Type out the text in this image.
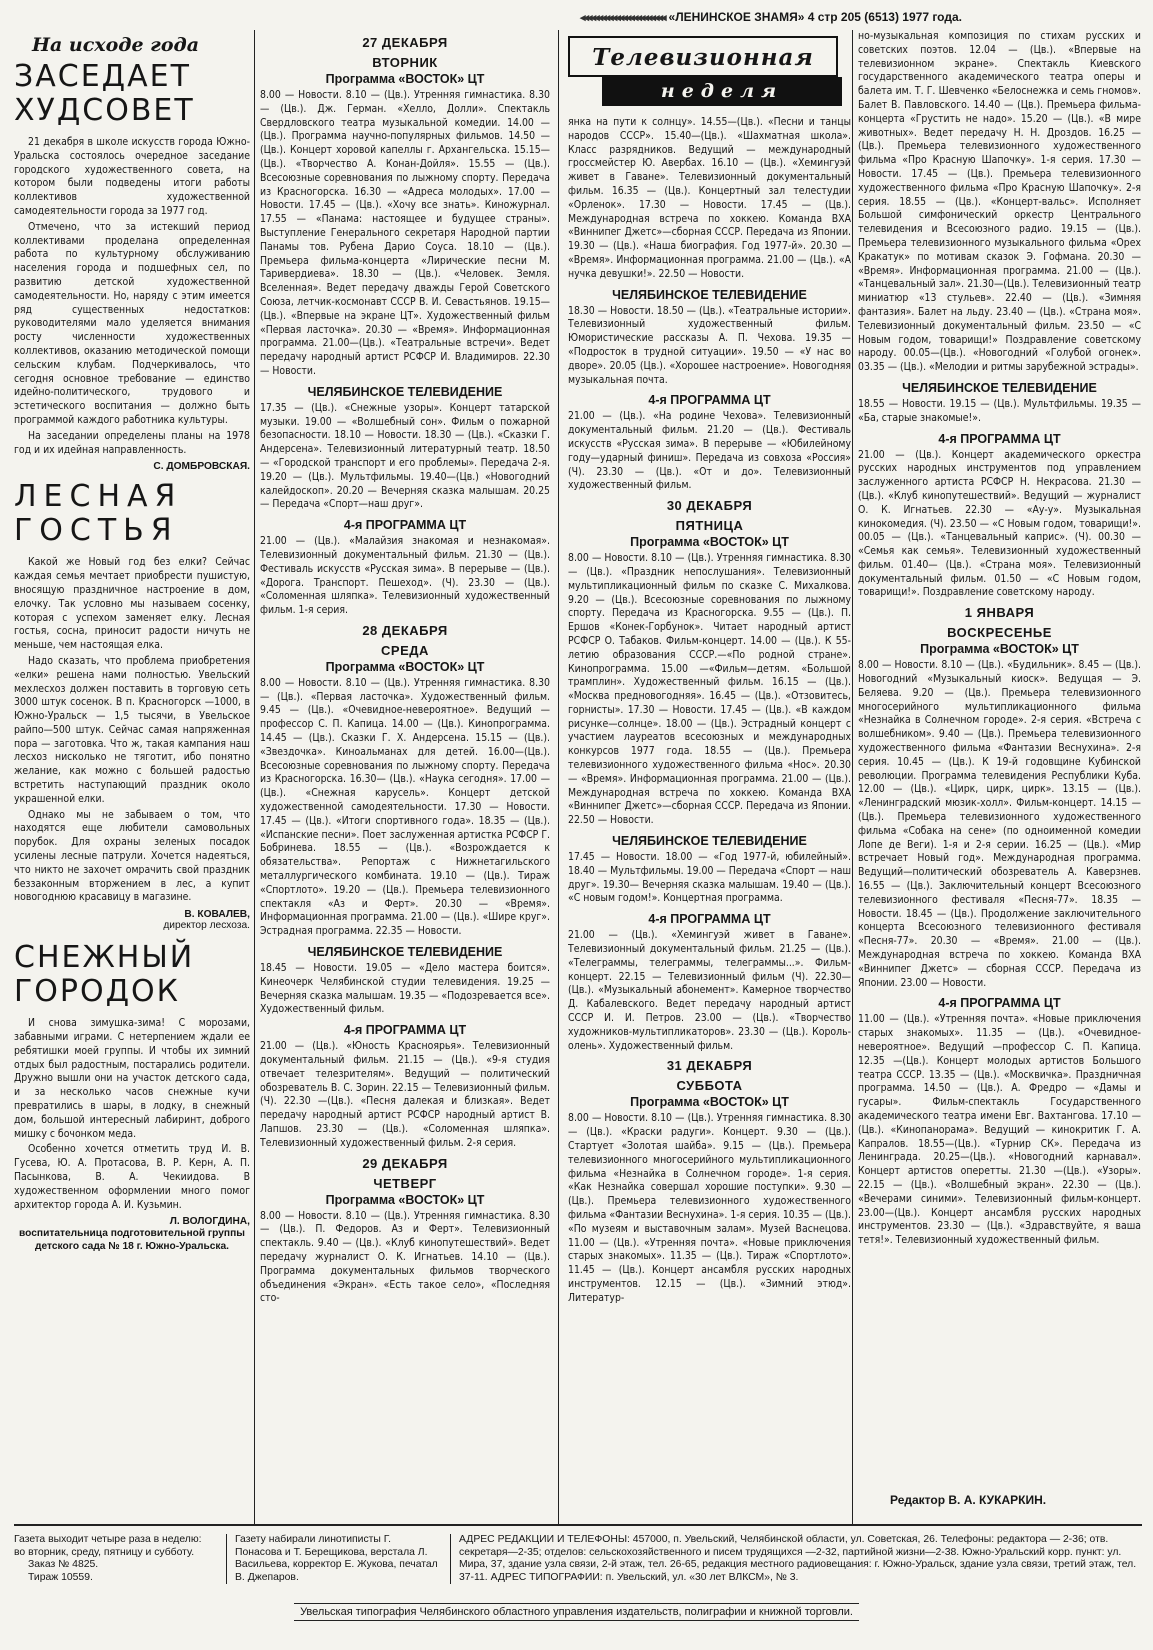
◂◂◂◂◂◂◂◂◂◂◂◂◂◂◂◂◂◂◂◂◂◂◂◂ «ЛЕНИНСКОЕ ЗНАМЯ» 4 стр 205 (6513) 1977 года.
На исходе года
ЗАСЕДАЕТ ХУДСОВЕТ

21 декабря в школе искусств города Южно-Уральска состоялось очередное заседание городского художественного совета, на котором были подведены итоги работы коллективов художественной самодеятельности города за 1977 год.

Отмечено, что за истекший период коллективами проделана определенная работа по культурному обслуживанию населения города и подшефных сел, по развитию детской художественной самодеятельности. Но, наряду с этим имеется ряд существенных недостатков: руководителями мало уделяется внимания росту численности художественных коллективов, оказанию методической помощи сельским клубам. Подчеркивалось, что сегодня основное требование — единство идейно-политического, трудового и эстетического воспитания — должно быть программой каждого работника культуры.

На заседании определены планы на 1978 год и их идейная направленность.

С. ДОМБРОВСКАЯ.
ЛЕСНАЯ ГОСТЬЯ

Какой же Новый год без елки? Сейчас каждая семья мечтает приобрести пушистую, вносящую праздничное настроение в дом, елочку. Так условно мы называем сосенку, которая с успехом заменяет елку. Лесная гостья, сосна, приносит радости ничуть не меньше, чем настоящая елка.

Надо сказать, что проблема приобретения «елки» решена нами полностью. Увельский мехлесхоз должен поставить в торговую сеть 3000 штук сосенок. В п. Красногорск —1000, в Южно-Уральск — 1,5 тысячи, в Увельское райпо—500 штук. Сейчас самая напряженная пора — заготовка. Что ж, такая кампания наш лесхоз нисколько не тяготит, ибо понятно желание, как можно с большей радостью встретить наступающий праздник около украшенной елки.

Однако мы не забываем о том, что находятся еще любители самовольных порубок. Для охраны зеленых посадок усилены лесные патрули. Хочется надеяться, что никто не захочет омрачить свой праздник беззаконным вторжением в лес, а купит новогоднюю красавицу в магазине.

В. КОВАЛЕВ,
директор лесхоза.
СНЕЖНЫЙ ГОРОДОК

И снова зимушка-зима! С морозами, забавными играми. С нетерпением ждали ее ребятишки моей группы. И чтобы их зимний отдых был радостным, постарались родители. Дружно вышли они на участок детского сада, и за несколько часов снежные кучи превратились в шары, в лодку, в снежный дом, большой интересный лабиринт, доброго мишку с бочонком меда.

Особенно хочется отметить труд И. В. Гусева, Ю. А. Протасова, В. Р. Керн, А. П. Пасынкова, В. А. Чекиидова. В художественном оформлении много помог архитектор города А. И. Кузьмин.

Л. ВОЛОГДИНА,
воспитательница подготовительной группы детского сада № 18 г. Южно-Уральска.
27 ДЕКАБРЯ
ВТОРНИК
Программа «ВОСТОК» ЦТ
8.00 — Новости. 8.10 — (Цв.). Утренняя гимнастика. 8.30 — (Цв.). Дж. Герман. «Хелло, Долли». Спектакль Свердловского театра музыкальной комедии. 14.00 — (Цв.). Программа научно-популярных фильмов. 14.50 — (Цв.). Концерт хоровой капеллы г. Архангельска. 15.15—(Цв.). «Творчество А. Конан-Дойля». 15.55 — (Цв.). Всесоюзные соревнования по лыжному спорту. Передача из Красногорска. 16.30 — «Адреса молодых». 17.00 — Новости. 17.45 — (Цв.). «Хочу все знать». Киножурнал. 17.55 — «Панама: настоящее и будущее страны». Выступление Генерального секретаря Народной партии Панамы тов. Рубена Дарио Соуса. 18.10 — (Цв.). Премьера фильма-концерта «Лирические песни М. Таривердиева». 18.30 — (Цв.). «Человек. Земля. Вселенная». Ведет передачу дважды Герой Советского Союза, летчик-космонавт СССР В. И. Севастьянов. 19.15—(Цв.). «Впервые на экране ЦТ». Художественный фильм «Первая ласточка». 20.30 — «Время». Информационная программа. 21.00—(Цв.). «Театральные встречи». Ведет передачу народный артист РСФСР И. Владимиров. 22.30 — Новости.
ЧЕЛЯБИНСКОЕ ТЕЛЕВИДЕНИЕ
17.35 — (Цв.). «Снежные узоры». Концерт татарской музыки. 19.00 — «Волшебный сон». Фильм о пожарной безопасности. 18.10 — Новости. 18.30 — (Цв.). «Сказки Г. Андерсена». Телевизионный литературный театр. 18.50 — «Городской транспорт и его проблемы». Передача 2-я. 19.20 — (Цв.). Мультфильмы. 19.40—(Цв.) «Новогодний калейдоскоп». 20.20 — Вечерняя сказка малышам. 20.25 — Передача «Спорт—наш друг».
4-я ПРОГРАММА ЦТ
21.00 — (Цв.). «Малайзия знакомая и незнакомая». Телевизионный документальный фильм. 21.30 — (Цв.). Фестиваль искусств «Русская зима». В перерыве — (Цв.). «Дорога. Транспорт. Пешеход». (Ч). 23.30 — (Цв.). «Соломенная шляпка». Телевизионный художественный фильм. 1-я серия.
28 ДЕКАБРЯ
СРЕДА
Программа «ВОСТОК» ЦТ
8.00 — Новости. 8.10 — (Цв.). Утренняя гимнастика. 8.30 — (Цв.). «Первая ласточка». Художественный фильм. 9.45 — (Цв.). «Очевидное-невероятное». Ведущий — профессор С. П. Капица. 14.00 — (Цв.). Кинопрограмма. 14.45 — (Цв.). Сказки Г. Х. Андерсена. 15.15 — (Цв.). «Звездочка». Киноальманах для детей. 16.00—(Цв.). Всесоюзные соревнования по лыжному спорту. Передача из Красногорска. 16.30— (Цв.). «Наука сегодня». 17.00 — (Цв.). «Снежная карусель». Концерт детской художественной самодеятельности. 17.30 — Новости. 17.45 — (Цв.). «Итоги спортивного года». 18.35 — (Цв.). «Испанские песни». Поет заслуженная артистка РСФСР Г. Бобринева. 18.55 — (Цв.). «Возрождается к обязательства». Репортаж с Нижнетагильского металлургического комбината. 19.10 — (Цв.). Тираж «Спортлото». 19.20 — (Цв.). Премьера телевизионного спектакля «Аз и Ферт». 20.30 — «Время». Информационная программа. 21.00 — (Цв.). «Шире круг». Эстрадная программа. 22.35 — Новости.
ЧЕЛЯБИНСКОЕ ТЕЛЕВИДЕНИЕ
18.45 — Новости. 19.05 — «Дело мастера боится». Кинеочерк Челябинской студии телевидения. 19.25 — Вечерняя сказка малышам. 19.35 — «Подозревается все». Художественный фильм.
4-я ПРОГРАММА ЦТ
21.00 — (Цв.). «Юность Красноярья». Телевизионный документальный фильм. 21.15 — (Цв.). «9-я студия отвечает телезрителям». Ведущий — политический обозреватель В. С. Зорин. 22.15 — Телевизионный фильм. (Ч). 22.30 —(Цв.). «Песня далекая и близкая». Ведет передачу народный артист РСФСР народный артист В. Лапшов. 23.30 — (Цв.). «Соломенная шляпка». Телевизионный художественный фильм. 2-я серия.
29 ДЕКАБРЯ
ЧЕТВЕРГ
Программа «ВОСТОК» ЦТ
8.00 — Новости. 8.10 — (Цв.). Утренняя гимнастика. 8.30 — (Цв.). П. Федоров. Аз и Ферт». Телевизионный спектакль. 9.40 — (Цв.). «Клуб кинопутешествий». Ведет передачу журналист О. К. Игнатьев. 14.10 — (Цв.). Программа документальных фильмов творческого объединения «Экран». «Есть такое село», «Последняя сто-
Телевизионная
неделя
янка на пути к солнцу». 14.55—(Цв.). «Песни и танцы народов СССР». 15.40—(Цв.). «Шахматная школа». Класс разрядников. Ведущий — международный гроссмейстер Ю. Авербах. 16.10 — (Цв.). «Хемингуэй живет в Гаване». Телевизионный документальный фильм. 16.35 — (Цв.). Концертный зал телестудии «Орленок». 17.30 — Новости. 17.45 — (Цв.). Международная встреча по хоккею. Команда ВХА «Виннипег Джетс»—сборная СССР. Передача из Японии. 19.30 — (Цв.). «Наша биография. Год 1977-й». 20.30 — «Время». Информационная программа. 21.00 — (Цв.). «А нучка девушки!». 22.50 — Новости.
ЧЕЛЯБИНСКОЕ ТЕЛЕВИДЕНИЕ
18.30 — Новости. 18.50 — (Цв.). «Театральные истории». Телевизионный художественный фильм. Юмористические рассказы А. П. Чехова. 19.35 — «Подросток в трудной ситуации». 19.50 — «У нас во дворе». 20.05 (Цв.). «Хорошее настроение». Новогодняя музыкальная почта.
4-я ПРОГРАММА ЦТ
21.00 — (Цв.). «На родине Чехова». Телевизионный документальный фильм. 21.20 — (Цв.). Фестиваль искусств «Русская зима». В перерыве — «Юбилейному году—ударный финиш». Передача из совхоза «Россия» (Ч). 23.30 — (Цв.). «От и до». Телевизионный художественный фильм.
30 ДЕКАБРЯ
ПЯТНИЦА
Программа «ВОСТОК» ЦТ
8.00 — Новости. 8.10 — (Цв.). Утренняя гимнастика. 8.30 — (Цв.). «Праздник непослушания». Телевизионный мультипликационный фильм по сказке С. Михалкова. 9.20 — (Цв.). Всесоюзные соревнования по лыжному спорту. Передача из Красногорска. 9.55 — (Цв.). П. Ершов «Конек-Горбунок». Читает народный артист РСФСР О. Табаков. Фильм-концерт. 14.00 — (Цв.). К 55-летию образования СССР.—«По родной стране». Кинопрограмма. 15.00 —«Фильм—детям. «Большой трамплин». Художественный фильм. 16.15 — (Цв.). «Москва предновогодняя». 16.45 — (Цв.). «Отзовитесь, горнисты». 17.30 — Новости. 17.45 — (Цв.). «В каждом рисунке—солнце». 18.00 — (Цв.). Эстрадный концерт с участием лауреатов всесоюзных и международных конкурсов 1977 года. 18.55 — (Цв.). Премьера телевизионного художественного фильма «Нос». 20.30 — «Время». Информационная программа. 21.00 — (Цв.). Международная встреча по хоккею. Команда ВХА «Виннипег Джетс»—сборная СССР. Передача из Японии. 22.50 — Новости.
ЧЕЛЯБИНСКОЕ ТЕЛЕВИДЕНИЕ
17.45 — Новости. 18.00 — «Год 1977-й, юбилейный». 18.40 — Мультфильмы. 19.00 — Передача «Спорт — наш друг». 19.30— Вечерняя сказка малышам. 19.40 — (Цв.). «С новым годом!». Концертная программа.
4-я ПРОГРАММА ЦТ
21.00 — (Цв.). «Хемингуэй живет в Гаване». Телевизионный документальный фильм. 21.25 — (Цв.). «Телеграммы, телеграммы, телеграммы...». Фильм-концерт. 22.15 — Телевизионный фильм (Ч). 22.30— (Цв.). «Музыкальный абонемент». Камерное творчество Д. Кабалевского. Ведет передачу народный артист СССР И. И. Петров. 23.00 — (Цв.). «Творчество художников-мультипликаторов». 23.30 — (Цв.). Король-олень». Художественный фильм.
31 ДЕКАБРЯ
СУББОТА
Программа «ВОСТОК» ЦТ
8.00 — Новости. 8.10 — (Цв.). Утренняя гимнастика. 8.30 — (Цв.). «Краски радуги». Концерт. 9.30 — (Цв.). Стартует «Золотая шайба». 9.15 — (Цв.). Премьера телевизионного многосерийного мультипликационного фильма «Незнайка в Солнечном городе». 1-я серия. «Как Незнайка совершал хорошие поступки». 9.30 — (Цв.). Премьера телевизионного художественного фильма «Фантазии Веснухина». 1-я серия. 10.35 — (Цв.). «По музеям и выставочным залам». Музей Васнецова. 11.00 — (Цв.). «Утренняя почта». «Новые приключения старых знакомых». 11.35 — (Цв.). Тираж «Спортлото». 11.45 — (Цв.). Концерт ансамбля русских народных инструментов. 12.15 — (Цв.). «Зимний этюд». Литератур-
но-музыкальная композиция по стихам русских и советских поэтов. 12.04 — (Цв.). «Впервые на телевизионном экране». Спектакль Киевского государственного академического театра оперы и балета им. Т. Г. Шевченко «Белоснежка и семь гномов». Балет В. Павловского. 14.40 — (Цв.). Премьера фильма-концерта «Грустить не надо». 15.20 — (Цв.). «В мире животных». Ведет передачу Н. Н. Дроздов. 16.25 — (Цв.). Премьера телевизионного художественного фильма «Про Красную Шапочку». 1-я серия. 17.30 — Новости. 17.45 — (Цв.). Премьера телевизионного художественного фильма «Про Красную Шапочку». 2-я серия. 18.55 — (Цв.). «Концерт-вальс». Исполняет Большой симфонический оркестр Центрального телевидения и Всесоюзного радио. 19.15 — (Цв.). Премьера телевизионного музыкального фильма «Орех Кракатук» по мотивам сказок Э. Гофмана. 20.30 — «Время». Информационная программа. 21.00 — (Цв.). «Танцевальный зал». 21.30—(Цв.). Телевизионный театр миниатюр «13 стульев». 22.40 — (Цв.). «Зимняя фантазия». Балет на льду. 23.40 — (Цв.). «Страна моя». Телевизионный документальный фильм. 23.50 — «С Новым годом, товарищи!» Поздравление советскому народу. 00.05—(Цв.). «Новогодний «Голубой огонек». 03.35 — (Цв.). «Мелодии и ритмы зарубежной эстрады».
ЧЕЛЯБИНСКОЕ ТЕЛЕВИДЕНИЕ
18.55 — Новости. 19.15 — (Цв.). Мультфильмы. 19.35 — «Ба, старые знакомые!».
4-я ПРОГРАММА ЦТ
21.00 — (Цв.). Концерт академического оркестра русских народных инструментов под управлением заслуженного артиста РСФСР Н. Некрасова. 21.30 — (Цв.). «Клуб кинопутешествий». Ведущий — журналист О. К. Игнатьев. 22.30 — «Ау-у». Музыкальная кинокомедия. (Ч). 23.50 — «С Новым годом, товарищи!». 00.05 — (Цв.). «Танцевальный каприс». (Ч). 00.30 — «Семья как семья». Телевизионный художественный фильм. 01.40— (Цв.). «Страна моя». Телевизионный документальный фильм. 01.50 — «С Новым годом, товарищи!». Поздравление советскому народу.
1 ЯНВАРЯ
ВОСКРЕСЕНЬЕ
Программа «ВОСТОК» ЦТ
8.00 — Новости. 8.10 — (Цв.). «Будильник». 8.45 — (Цв.). Новогодний «Музыкальный киоск». Ведущая — Э. Беляева. 9.20 — (Цв.). Премьера телевизионного многосерийного мультипликационного фильма «Незнайка в Солнечном городе». 2-я серия. «Встреча с волшебником». 9.40 — (Цв.). Премьера телевизионного художественного фильма «Фантазии Веснухина». 2-я серия. 10.45 — (Цв.). К 19-й годовщине Кубинской революции. Программа телевидения Республики Куба. 12.00 — (Цв.). «Цирк, цирк, цирк». 13.15 — (Цв.). «Ленинградский мюзик-холл». Фильм-концерт. 14.15 — (Цв.). Премьера телевизионного художественного фильма «Собака на сене» (по одноименной комедии Лопе де Веги). 1-я и 2-я серии. 16.25 — (Цв.). «Мир встречает Новый год». Международная программа. Ведущий—политический обозреватель А. Каверзнев. 16.55 — (Цв.). Заключительный концерт Всесоюзного телевизионного фестиваля «Песня-77». 18.35 —Новости. 18.45 — (Цв.). Продолжение заключительного концерта Всесоюзного телевизионного фестиваля «Песня-77». 20.30 — «Время». 21.00 — (Цв.). Международная встреча по хоккею. Команда ВХА «Виннипег Джетс» — сборная СССР. Передача из Японии. 23.00 — Новости.
4-я ПРОГРАММА ЦТ
11.00 — (Цв.). «Утренняя почта». «Новые приключения старых знакомых». 11.35 — (Цв.). «Очевидное-невероятное». Ведущий —профессор С. П. Капица. 12.35 —(Цв.). Концерт молодых артистов Большого театра СССР. 13.35 — (Цв.). «Москвичка». Праздничная программа. 14.50 — (Цв.). А. Фредро — «Дамы и гусары». Фильм-спектакль Государственного академического театра имени Евг. Вахтангова. 17.10 — (Цв.). «Кинопанорама». Ведущий — кинокритик Г. А. Капралов. 18.55—(Цв.). «Турнир СК». Передача из Ленинграда. 20.25—(Цв.). «Новогодний карнавал». Концерт артистов оперетты. 21.30 —(Цв.). «Узоры». 22.15 — (Цв.). «Волшебный экран». 22.30 — (Цв.). «Вечерами синими». Телевизионный фильм-концерт. 23.00—(Цв.). Концерт ансамбля русских народных инструментов. 23.30 — (Цв.). «Здравствуйте, я ваша тетя!». Телевизионный художественный фильм.
Редактор В. А. КУКАРКИН.
Газета выходит четыре раза в неделю: во вторник, среду, пятницу и субботу.
Заказ № 4825.
Тираж 10559.
Газету набирали линотиписты Г. Понасова и Т. Берещикова, верстала Л. Васильева, корректор Е. Жукова, печатал В. Джепаров.
АДРЕС РЕДАКЦИИ И ТЕЛЕФОНЫ: 457000, п. Увельский, Челябинской области, ул. Советская, 26. Телефоны: редактора — 2-36; отв. секретаря—2-35; отделов: сельскохозяйственного и писем трудящихся —2-32, партийной жизни—2-38. Южно-Уральский корр. пункт: ул. Мира, 37, здание узла связи, 2-й этаж, тел. 26-65, редакция местного радиовещания: г. Южно-Уральск, здание узла связи, третий этаж, тел. 37-11. АДРЕС ТИПОГРАФИИ: п. Увельский, ул. «30 лет ВЛКСМ», № 3.
Увельская типография Челябинского областного управления издательств, полиграфии и книжной торговли.
